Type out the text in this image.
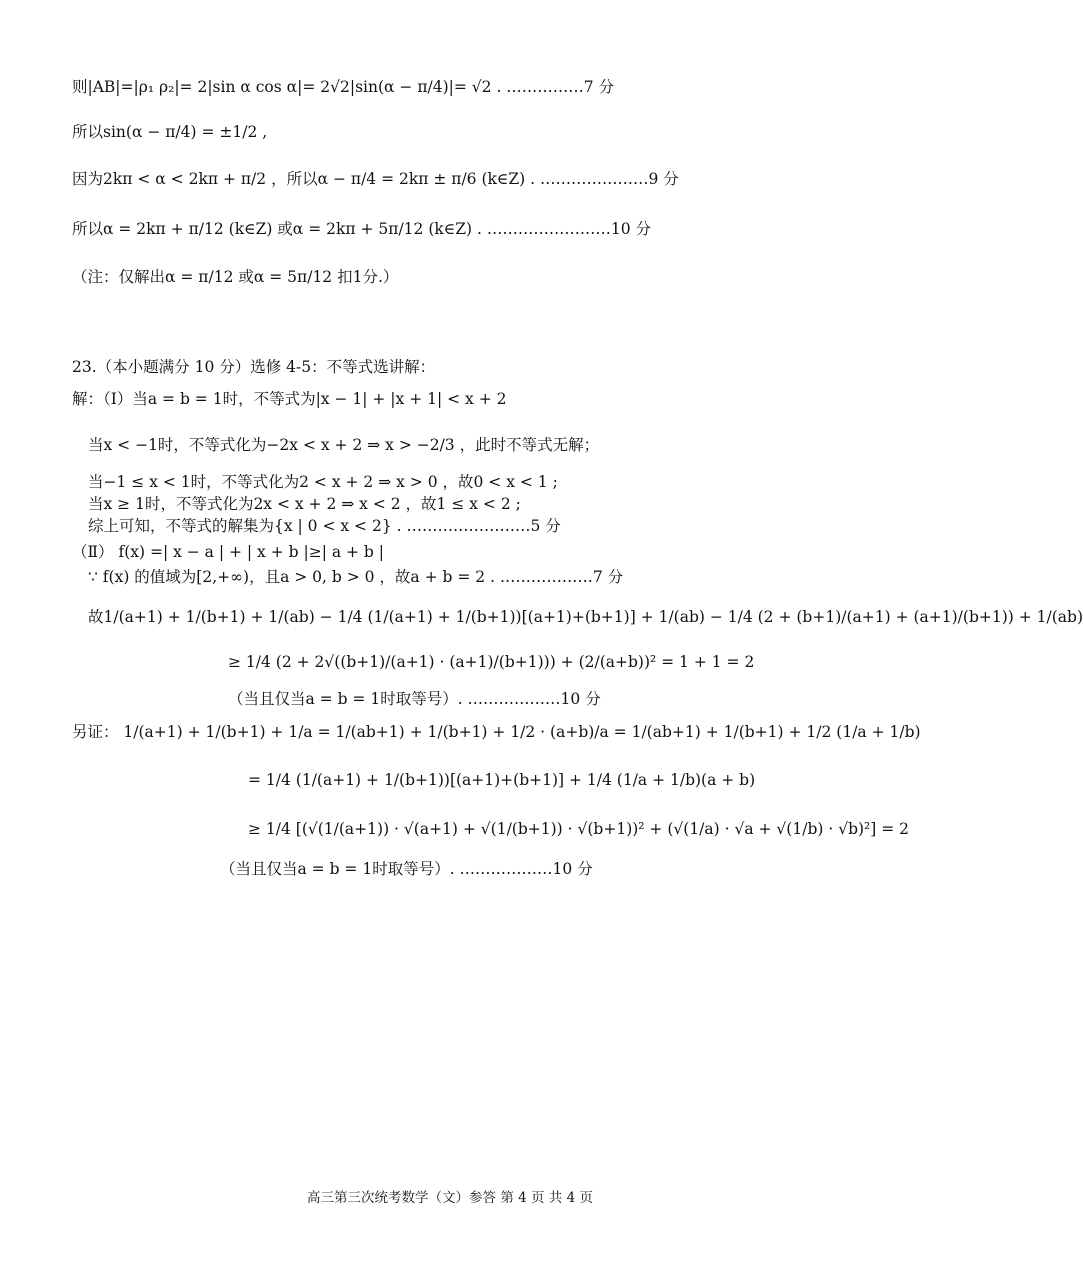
则|AB|=|ρ₁ ρ₂|= 2|sin α cos α|= 2√2|sin(α − π/4)|= √2 . ……………7 分
所以sin(α − π/4) = ±1/2 ,
因为2kπ < α < 2kπ + π/2 ，所以α − π/4 = 2kπ ± π/6 (k∈Z) . …………………9 分
所以α = 2kπ + π/12 (k∈Z) 或α = 2kπ + 5π/12 (k∈Z) . ……………………10 分
（注：仅解出α = π/12 或α = 5π/12 扣1分.）
23.（本小题满分 10 分）选修 4-5：不等式选讲解：
解：（Ⅰ）当a = b = 1时，不等式为|x − 1| + |x + 1| < x + 2
当x < −1时，不等式化为−2x < x + 2 ⇒ x > −2/3 ，此时不等式无解；
当−1 ≤ x < 1时，不等式化为2 < x + 2 ⇒ x > 0 ，故0 < x < 1 ;
当x ≥ 1时，不等式化为2x < x + 2 ⇒ x < 2 ，故1 ≤ x < 2 ;
综上可知，不等式的解集为{x | 0 < x < 2} . ……………………5 分
（Ⅱ） f(x) =| x − a | + | x + b |≥| a + b |
∵ f(x) 的值域为[2,+∞)，且a > 0, b > 0 ，故a + b = 2 . ………………7 分
故1/(a+1) + 1/(b+1) + 1/(ab) − 1/4 (1/(a+1) + 1/(b+1))[(a+1)+(b+1)] + 1/(ab) − 1/4 (2 + (b+1)/(a+1) + (a+1)/(b+1)) + 1/(ab)
≥ 1/4 (2 + 2√((b+1)/(a+1) · (a+1)/(b+1))) + (2/(a+b))² = 1 + 1 = 2
（当且仅当a = b = 1时取等号）. ………………10 分
另证： 1/(a+1) + 1/(b+1) + 1/a = 1/(ab+1) + 1/(b+1) + 1/2 · (a+b)/a = 1/(ab+1) + 1/(b+1) + 1/2 (1/a + 1/b)
= 1/4 (1/(a+1) + 1/(b+1))[(a+1)+(b+1)] + 1/4 (1/a + 1/b)(a + b)
≥ 1/4 [(√(1/(a+1)) · √(a+1) + √(1/(b+1)) · √(b+1))² + (√(1/a) · √a + √(1/b) · √b)²] = 2
（当且仅当a = b = 1时取等号）. ………………10 分
高三第三次统考数学（文）参答 第 4 页 共 4 页
